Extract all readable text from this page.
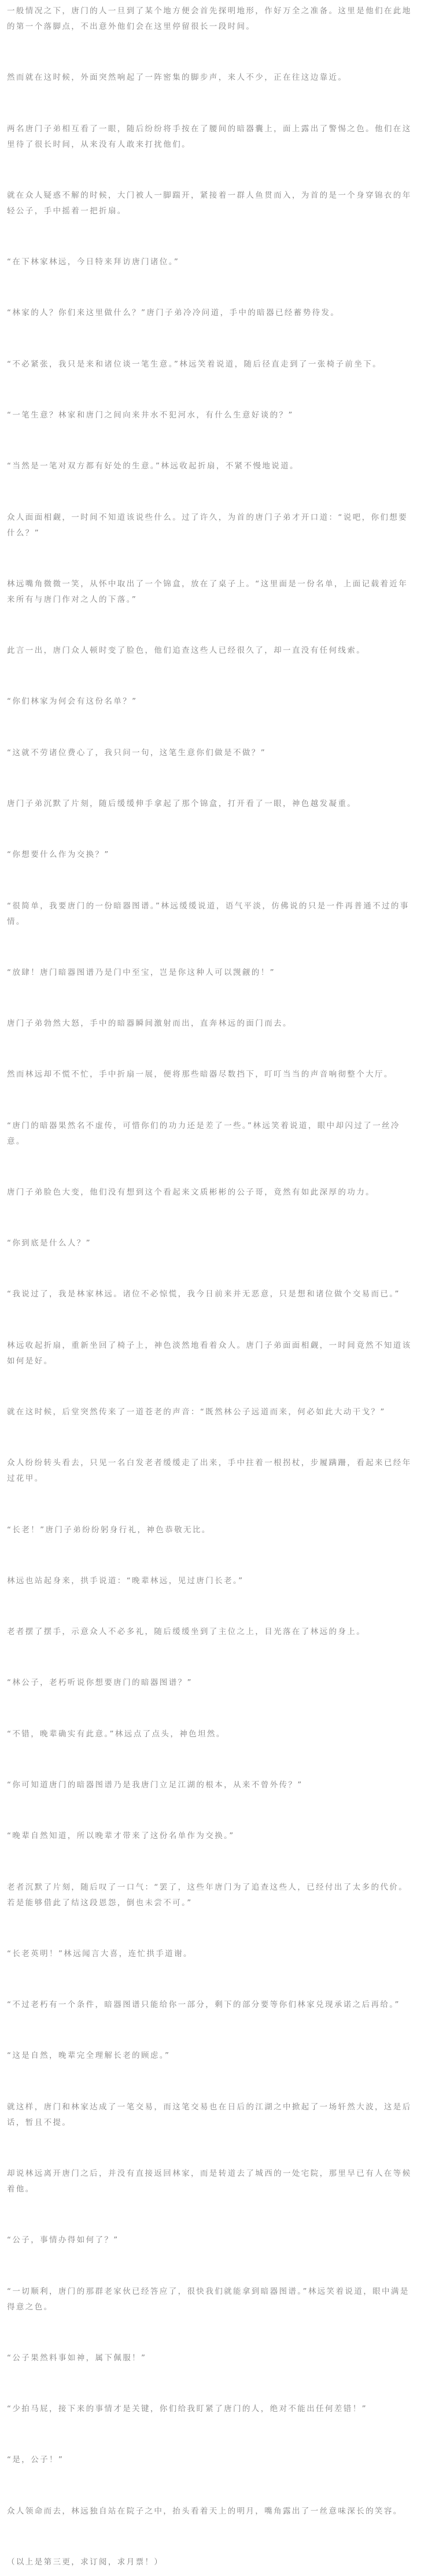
一般情况之下，唐门的人一旦到了某个地方便会首先探明地形，作好万全之准备。这里是他们在此地的第一个落脚点，不出意外他们会在这里停留很长一段时间。

然而就在这时候，外面突然响起了一阵密集的脚步声，来人不少，正在往这边靠近。

两名唐门子弟相互看了一眼，随后纷纷将手按在了腰间的暗器囊上，面上露出了警惕之色。他们在这里待了很长时间，从来没有人敢来打扰他们。

就在众人疑惑不解的时候，大门被人一脚踹开，紧接着一群人鱼贯而入，为首的是一个身穿锦衣的年轻公子，手中摇着一把折扇。

“在下林家林远，今日特来拜访唐门诸位。”

“林家的人？你们来这里做什么？”唐门子弟冷冷问道，手中的暗器已经蓄势待发。

“不必紧张，我只是来和诸位谈一笔生意。”林远笑着说道，随后径直走到了一张椅子前坐下。

“一笔生意？林家和唐门之间向来井水不犯河水，有什么生意好谈的？”

“当然是一笔对双方都有好处的生意。”林远收起折扇，不紧不慢地说道。

众人面面相觑，一时间不知道该说些什么。过了许久，为首的唐门子弟才开口道：“说吧，你们想要什么？”

林远嘴角微微一笑，从怀中取出了一个锦盒，放在了桌子上。“这里面是一份名单，上面记载着近年来所有与唐门作对之人的下落。”

此言一出，唐门众人顿时变了脸色，他们追查这些人已经很久了，却一直没有任何线索。

“你们林家为何会有这份名单？”

“这就不劳诸位费心了，我只问一句，这笔生意你们做是不做？”

唐门子弟沉默了片刻，随后缓缓伸手拿起了那个锦盒，打开看了一眼，神色越发凝重。

“你想要什么作为交换？”

“很简单，我要唐门的一份暗器图谱。”林远缓缓说道，语气平淡，仿佛说的只是一件再普通不过的事情。

“放肆！唐门暗器图谱乃是门中至宝，岂是你这种人可以觊觎的！”

唐门子弟勃然大怒，手中的暗器瞬间激射而出，直奔林远的面门而去。

然而林远却不慌不忙，手中折扇一展，便将那些暗器尽数挡下，叮叮当当的声音响彻整个大厅。

“唐门的暗器果然名不虚传，可惜你们的功力还是差了一些。”林远笑着说道，眼中却闪过了一丝冷意。

唐门子弟脸色大变，他们没有想到这个看起来文质彬彬的公子哥，竟然有如此深厚的功力。

“你到底是什么人？”

“我说过了，我是林家林远。诸位不必惊慌，我今日前来并无恶意，只是想和诸位做个交易而已。”

林远收起折扇，重新坐回了椅子上，神色淡然地看着众人。唐门子弟面面相觑，一时间竟然不知道该如何是好。

就在这时候，后堂突然传来了一道苍老的声音：“既然林公子远道而来，何必如此大动干戈？”

众人纷纷转头看去，只见一名白发老者缓缓走了出来，手中拄着一根拐杖，步履蹒跚，看起来已经年过花甲。

“长老！”唐门子弟纷纷躬身行礼，神色恭敬无比。

林远也站起身来，拱手说道：“晚辈林远，见过唐门长老。”

老者摆了摆手，示意众人不必多礼，随后缓缓坐到了主位之上，目光落在了林远的身上。

“林公子，老朽听说你想要唐门的暗器图谱？”

“不错，晚辈确实有此意。”林远点了点头，神色坦然。

“你可知道唐门的暗器图谱乃是我唐门立足江湖的根本，从来不曾外传？”

“晚辈自然知道，所以晚辈才带来了这份名单作为交换。”

老者沉默了片刻，随后叹了一口气：“罢了，这些年唐门为了追查这些人，已经付出了太多的代价。若是能够借此了结这段恩怨，倒也未尝不可。”

“长老英明！”林远闻言大喜，连忙拱手道谢。

“不过老朽有一个条件，暗器图谱只能给你一部分，剩下的部分要等你们林家兑现承诺之后再给。”

“这是自然，晚辈完全理解长老的顾虑。”

就这样，唐门和林家达成了一笔交易，而这笔交易也在日后的江湖之中掀起了一场轩然大波，这是后话，暂且不提。

却说林远离开唐门之后，并没有直接返回林家，而是转道去了城西的一处宅院，那里早已有人在等候着他。

“公子，事情办得如何了？”

“一切顺利，唐门的那群老家伙已经答应了，很快我们就能拿到暗器图谱。”林远笑着说道，眼中满是得意之色。

“公子果然料事如神，属下佩服！”

“少拍马屁，接下来的事情才是关键，你们给我盯紧了唐门的人，绝对不能出任何差错！”

“是，公子！”

众人领命而去，林远独自站在院子之中，抬头看着天上的明月，嘴角露出了一丝意味深长的笑容。

（以上是第三更，求订阅，求月票！）
